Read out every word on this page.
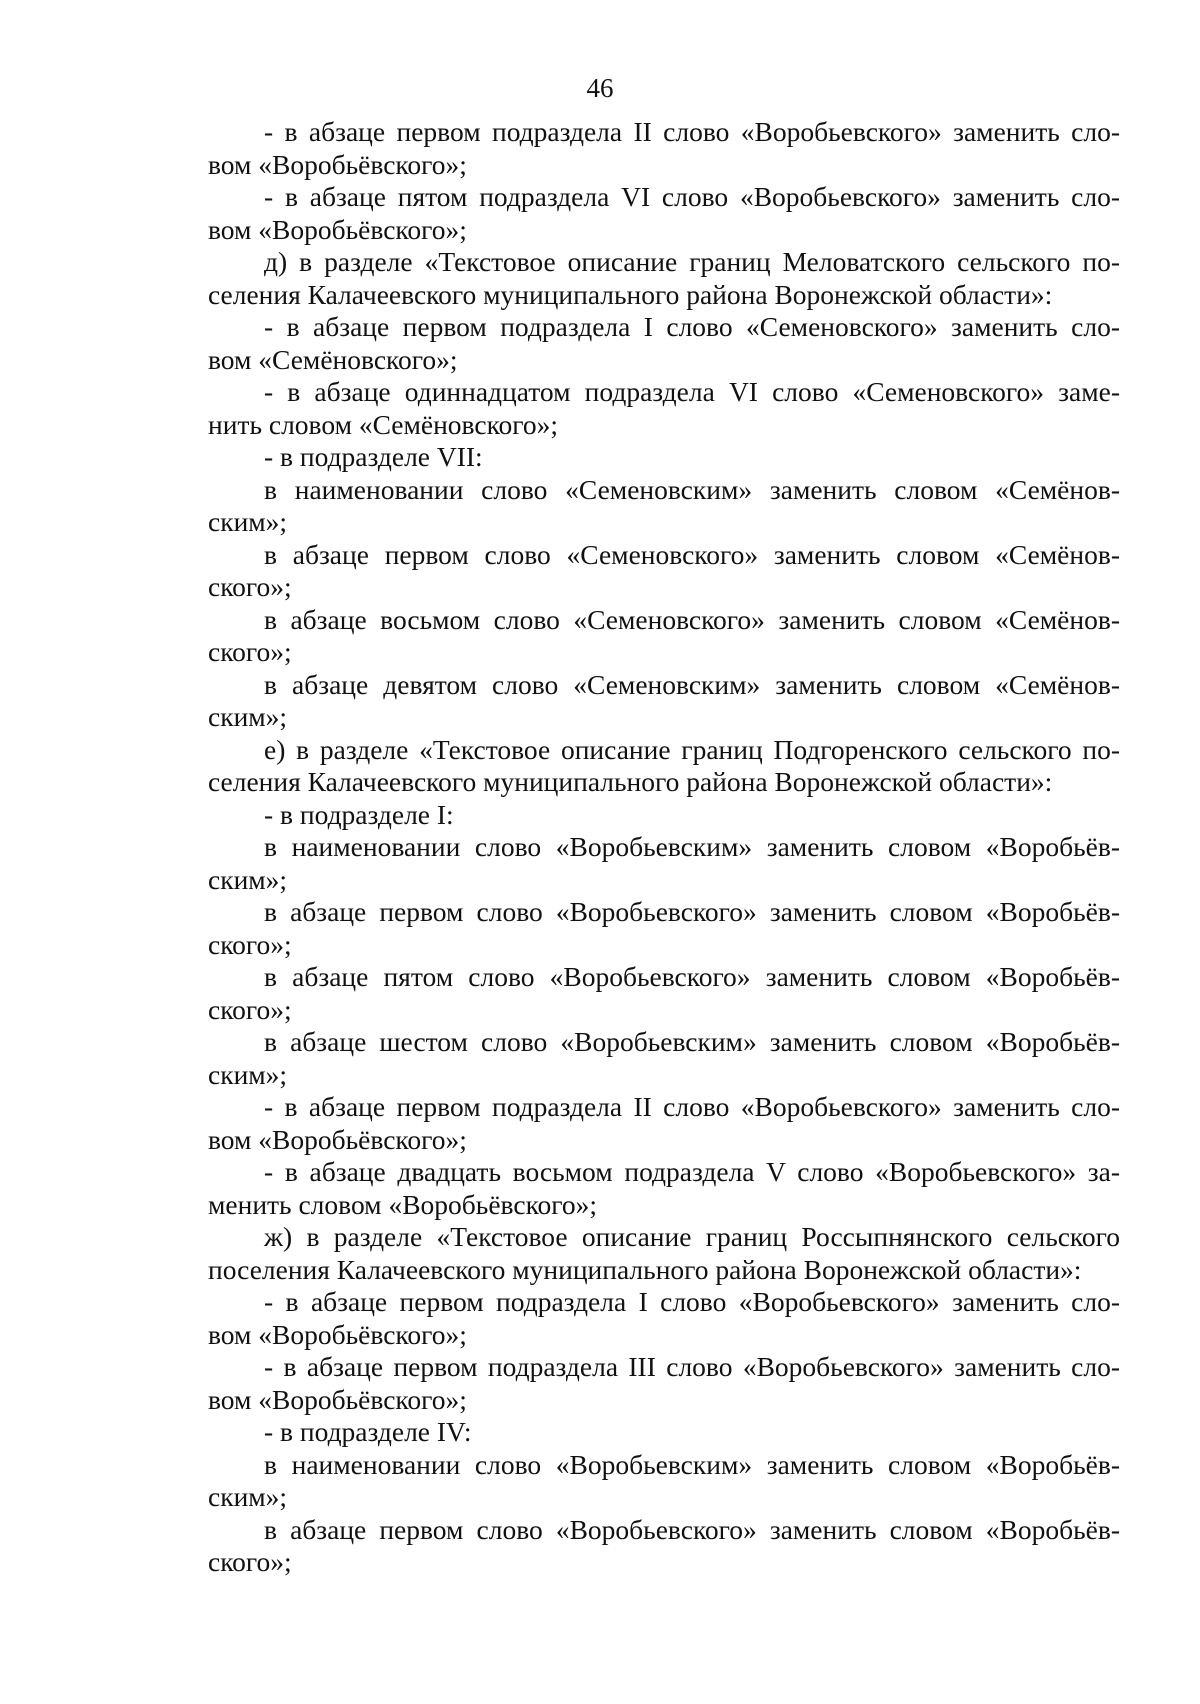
46
- в абзаце первом подраздела II слово «Воробьевского» заменить сло-
вом «Воробьёвского»;
- в абзаце пятом подраздела VI слово «Воробьевского» заменить сло-
вом «Воробьёвского»;
д) в разделе «Текстовое описание границ Меловатского сельского по-
селения Калачеевского муниципального района Воронежской области»:
- в абзаце первом подраздела I слово «Семеновского» заменить сло-
вом «Семёновского»;
- в абзаце одиннадцатом подраздела VI слово «Семеновского» заме-
нить словом «Семёновского»;
- в подразделе VII:
в наименовании слово «Семеновским» заменить словом «Семёнов-
ским»;
в абзаце первом слово «Семеновского» заменить словом «Семёнов-
ского»;
в абзаце восьмом слово «Семеновского» заменить словом «Семёнов-
ского»;
в абзаце девятом слово «Семеновским» заменить словом «Семёнов-
ским»;
е) в разделе «Текстовое описание границ Подгоренского сельского по-
селения Калачеевского муниципального района Воронежской области»:
- в подразделе I:
в наименовании слово «Воробьевским» заменить словом «Воробьёв-
ским»;
в абзаце первом слово «Воробьевского» заменить словом «Воробьёв-
ского»;
в абзаце пятом слово «Воробьевского» заменить словом «Воробьёв-
ского»;
в абзаце шестом слово «Воробьевским» заменить словом «Воробьёв-
ским»;
- в абзаце первом подраздела II слово «Воробьевского» заменить сло-
вом «Воробьёвского»;
- в абзаце двадцать восьмом подраздела V слово «Воробьевского» за-
менить словом «Воробьёвского»;
ж) в разделе «Текстовое описание границ Россыпнянского сельского
поселения Калачеевского муниципального района Воронежской области»:
- в абзаце первом подраздела I слово «Воробьевского» заменить сло-
вом «Воробьёвского»;
- в абзаце первом подраздела III слово «Воробьевского» заменить сло-
вом «Воробьёвского»;
- в подразделе IV:
в наименовании слово «Воробьевским» заменить словом «Воробьёв-
ским»;
в абзаце первом слово «Воробьевского» заменить словом «Воробьёв-
ского»;
